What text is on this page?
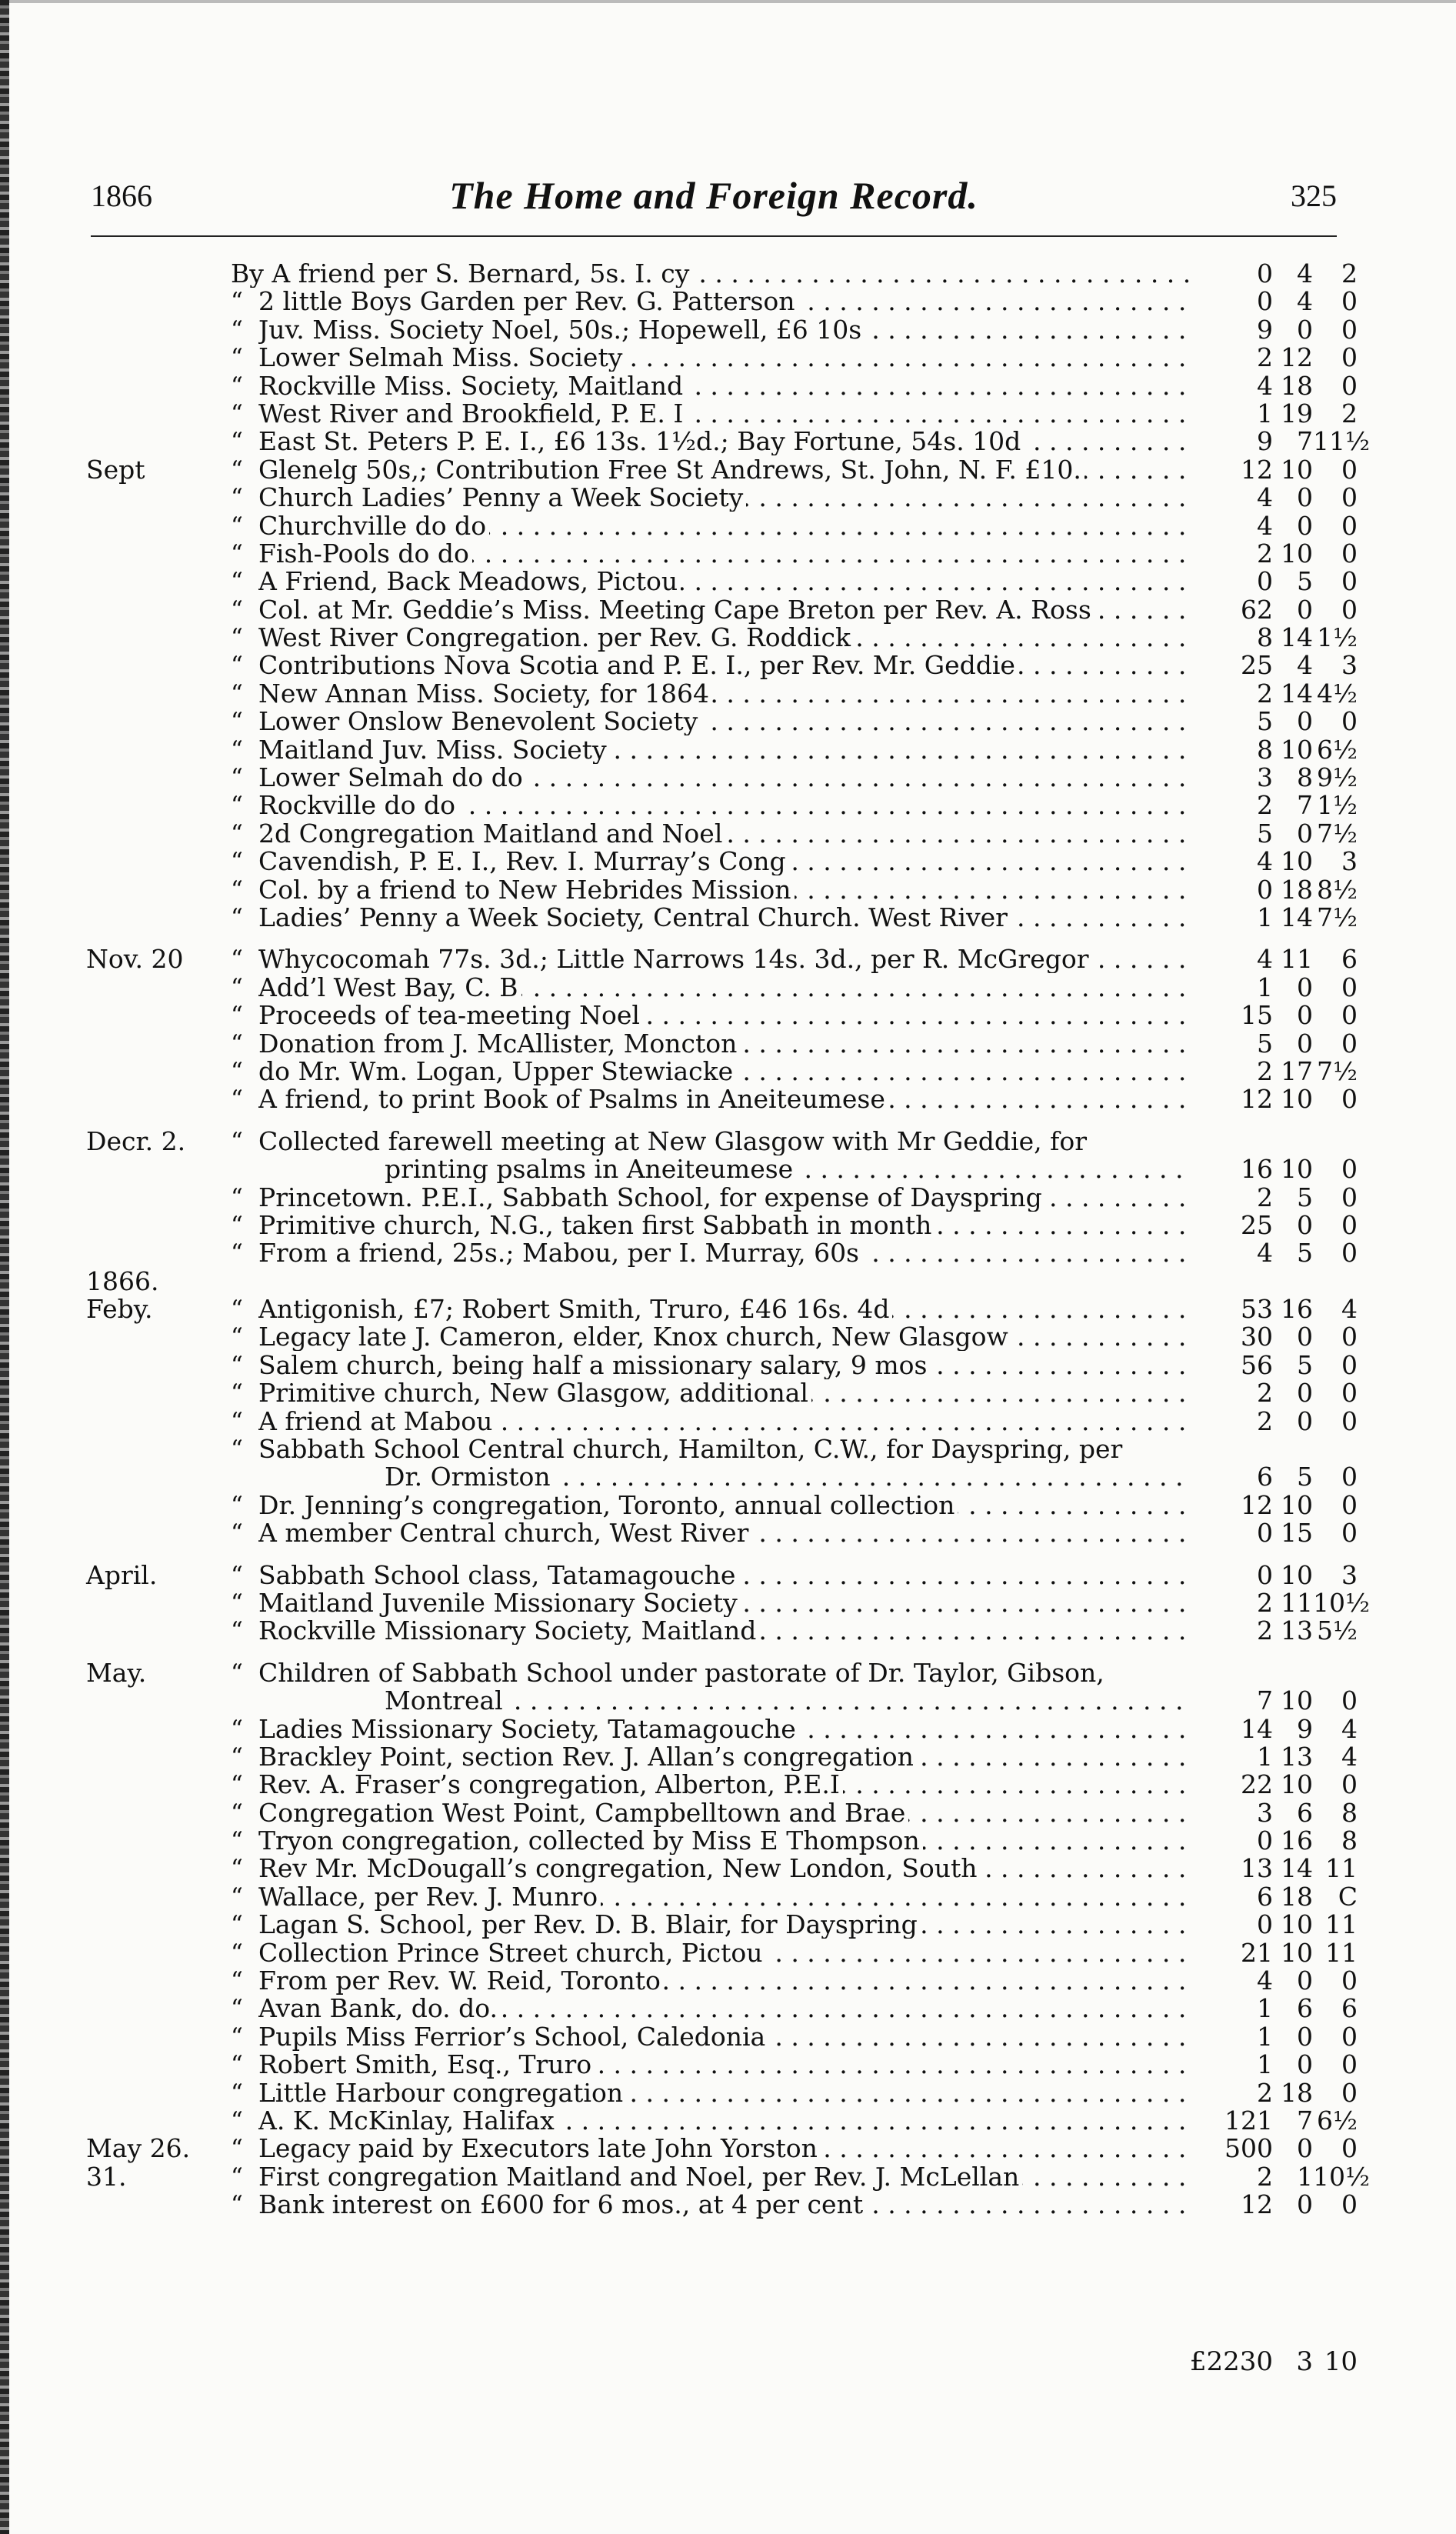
1866	The Home and Foreign Record.	325
By A friend per S. Bernard, 5s. I. cy . . .	0 4	2
“ 2 little Boys Garden per Rev. G. Patterson . . .	0 4	0
“ Juv. Miss. Society Noel, 50s.; Hopewell, £6 10s . . .	9 0	0
“ Lower Selmah Miss. Society . . .	2 12	0
“ Rockville Miss. Society, Maitland . . .	4 18	0
“ West River and Brookfield, P. E. I . . .	1 19	2
“ East St. Peters P. E. I., £6 13s. 1½d.; Bay Fortune, 54s. 10d . . .	9 7 11½
Sept	“ Glenelg 50s,; Contribution Free St Andrews, St. John, N. F. £10. . . .	12 10	0
“ Church Ladies’ Penny a Week Society . . .	4 0	0
“ Churchville do do . . .	4 0	0
“ Fish-Pools do do . . .	2 10	0
“ A Friend, Back Meadows, Pictou . . .	0 5	0
“ Col. at Mr. Geddie’s Miss. Meeting Cape Breton per Rev. A. Ross . . .	62 0	0
“ West River Congregation. per Rev. G. Roddick . . .	8 14 1½
“ Contributions Nova Scotia and P. E. I., per Rev. Mr. Geddie . . .	25 4	3
“ New Annan Miss. Society, for 1864 . . .	2 14 4½
“ Lower Onslow Benevolent Society . . .	5 0	0
“ Maitland Juv. Miss. Society . . .	8 10 6½
“ Lower Selmah do do . . .	3 8 9½
“ Rockville do do . . .	2 7 1½
“ 2d Congregation Maitland and Noel . . .	5 0 7½
“ Cavendish, P. E. I., Rev. I. Murray’s Cong . . .	4 10	3
“ Col. by a friend to New Hebrides Mission . . .	0 18 8½
“ Ladies’ Penny a Week Society, Central Church. West River . . .	1 14 7½
Nov. 20 “ Whycocomah 77s. 3d.; Little Narrows 14s. 3d., per R. McGregor . . .	4 11	6
“ Add’l West Bay, C. B . . .	1 0	0
“ Proceeds of tea-meeting Noel . . .	15 0	0
“ Donation from J. McAllister, Moncton . . .	5 0	0
“ do Mr. Wm. Logan, Upper Stewiacke . . .	2 17 7½
“ A friend, to print Book of Psalms in Aneiteumese . . .	12 10	0
Decr. 2. “ Collected farewell meeting at New Glasgow with Mr Geddie, for
printing psalms in Aneiteumese . . .	16 10	0
“ Princetown. P.E.I., Sabbath School, for expense of Dayspring . . .	2 5	0
“ Primitive church, N.G., taken first Sabbath in month . . .	25 0	0
“ From a friend, 25s.; Mabou, per I. Murray, 60s . . .	4 5	0
1866.
Feby.	“ Antigonish, £7; Robert Smith, Truro, £46 16s. 4d . . .	53 16	4
“ Legacy late J. Cameron, elder, Knox church, New Glasgow . . .	30 0	0
“ Salem church, being half a missionary salary, 9 mos . . .	56 5	0
“ Primitive church, New Glasgow, additional . . .	2 0	0
“ A friend at Mabou . . .	2 0	0
“ Sabbath School Central church, Hamilton, C.W., for Dayspring, per
Dr. Ormiston . . .	6 5	0
“ Dr. Jenning’s congregation, Toronto, annual collection . . .	12 10	0
“ A member Central church, West River . . .	0 15	0
April.	“ Sabbath School class, Tatamagouche . . .	0 10	3
“ Maitland Juvenile Missionary Society . . .	2 11 10½
“ Rockville Missionary Society, Maitland . . .	2 13 5½
May.	“ Children of Sabbath School under pastorate of Dr. Taylor, Gibson,
Montreal . . .	7 10	0
“ Ladies Missionary Society, Tatamagouche . . .	14 9	4
“ Brackley Point, section Rev. J. Allan’s congregation . . .	1 13	4
“ Rev. A. Fraser’s congregation, Alberton, P.E.I . . .	22 10	0
“ Congregation West Point, Campbelltown and Brae . . .	3 6	8
“ Tryon congregation, collected by Miss E Thompson . . .	0 16	8
“ Rev Mr. McDougall’s congregation, New London, South . . .	13 14 11
“ Wallace, per Rev. J. Munro . . .	6 18 C
“ Lagan S. School, per Rev. D. B. Blair, for Dayspring . . .	0 10 11
“ Collection Prince Street church, Pictou . . .	21 10 11
“ From per Rev. W. Reid, Toronto . . .	4 0	0
“ Avan Bank, do. do. . . .	1 6	6
“ Pupils Miss Ferrior’s School, Caledonia . . .	1 0	0
“ Robert Smith, Esq., Truro . . .	1 0	0
“ Little Harbour congregation . . .	2 18	0
“ A. K. McKinlay, Halifax . . .	121 7 6½
May 26. “ Legacy paid by Executors late John Yorston . . .	500 0	0
31.	“ First congregation Maitland and Noel, per Rev. J. McLellan . . .	2 1 10½
“ Bank interest on £600 for 6 mos., at 4 per cent . . .	12 0	0
£2230 3 10
